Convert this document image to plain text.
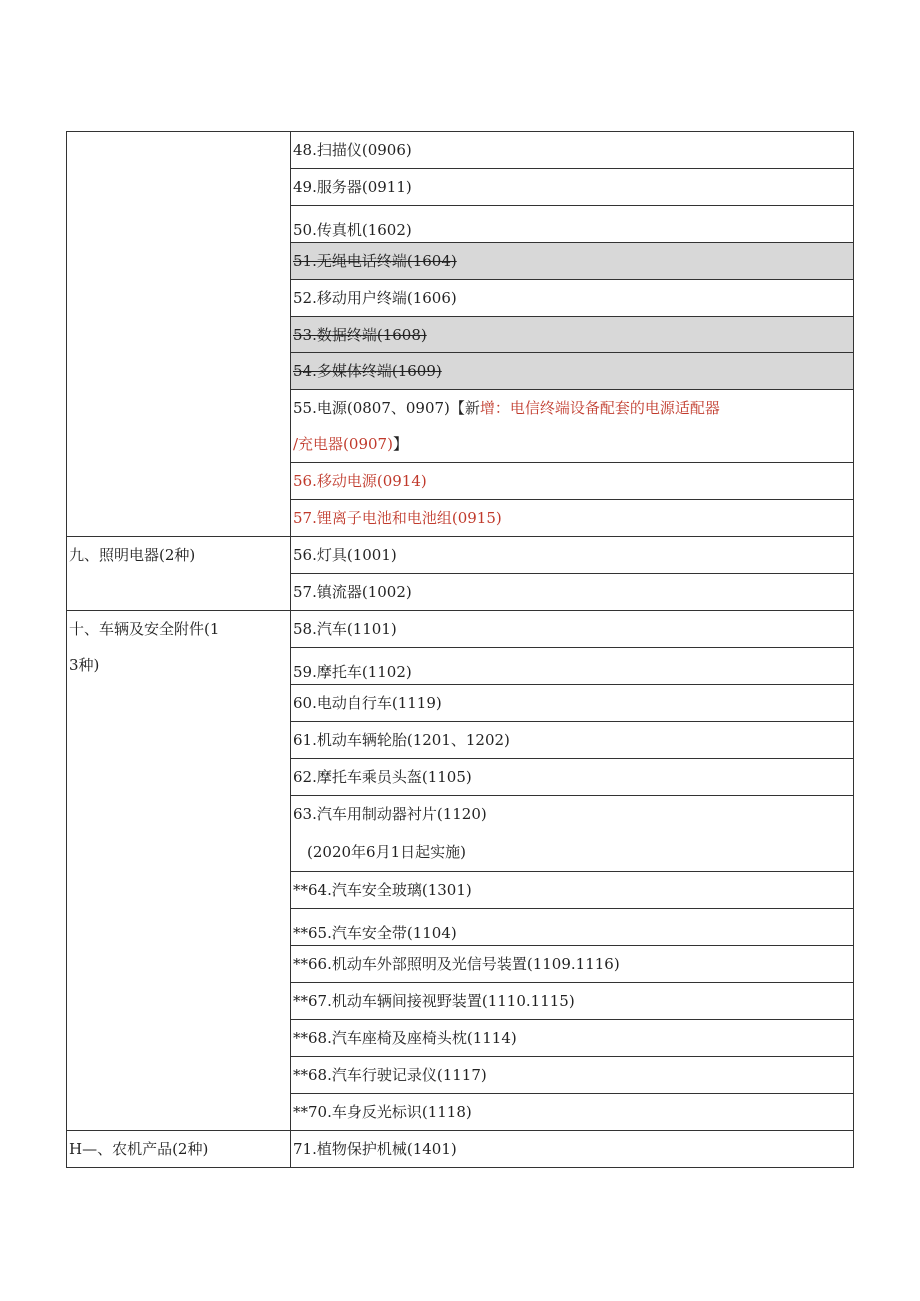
	48.扫描仪(0906)
	49.服务器(0911)
	50.传真机(1602)
	51.无绳电话终端(1604)
	52.移动用户终端(1606)
	53.数据终端(1608)
	54.多媒体终端(1609)
	55.电源(0807、0907)【新增：电信终端设备配套的电源适配器
/充电器(0907)】

	56.移动电源(0914)
	57.锂离子电池和电池组(0915)
九、照明电器(2种)	56.灯具(1001)
	57.镇流器(1002)
十、车辆及安全附件(1
3种)	58.汽车(1101)
	59.摩托车(1102)
	60.电动自行车(1119)
	61.机动车辆轮胎(1201、1202)
	62.摩托车乘员头盔(1105)
	63.汽车用制动器衬片(1120)
(2020年6月1日起实施)

	**64.汽车安全玻璃(1301)
	**65.汽车安全带(1104)
	**66.机动车外部照明及光信号装置(1109.1116)
	**67.机动车辆间接视野装置(1110.1115)
	**68.汽车座椅及座椅头枕(1114)
	**68.汽车行驶记录仪(1117)
	**70.车身反光标识(1118)
H—、农机产品(2种)	71.植物保护机械(1401)
